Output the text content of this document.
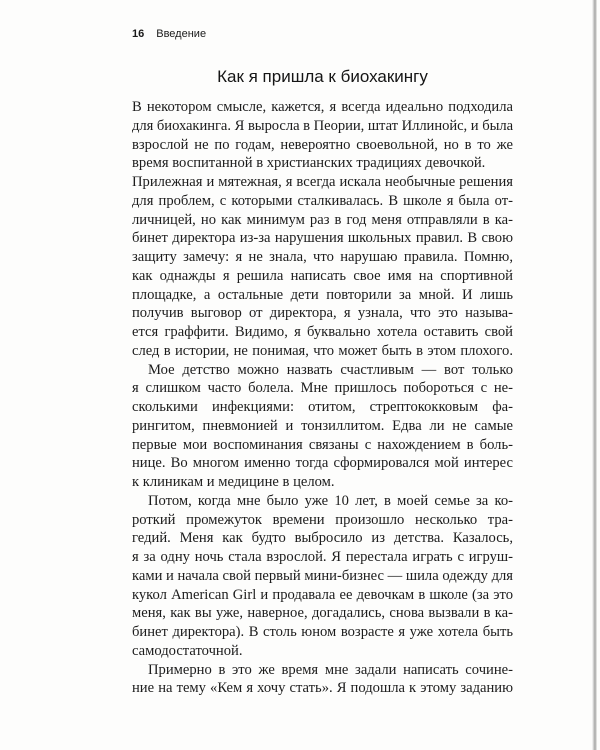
16 Введение
Как я пришла к биохакингу
В некотором смысле, кажется, я всегда идеально подходила
для биохакинга. Я выросла в Пеории, штат Иллинойс, и была
взрослой не по годам, невероятно своевольной, но в то же
время воспитанной в христианских традициях девочкой.
Прилежная и мятежная, я всегда искала необычные решения
для проблем, с которыми сталкивалась. В школе я была от-
личницей, но как минимум раз в год меня отправляли в ка-
бинет директора из-за нарушения школьных правил. В свою
защиту замечу: я не знала, что нарушаю правила. Помню,
как однажды я решила написать свое имя на спортивной
площадке, а остальные дети повторили за мной. И лишь
получив выговор от директора, я узнала, что это называ-
ется граффити. Видимо, я буквально хотела оставить свой
след в истории, не понимая, что может быть в этом плохого.
Мое детство можно назвать счастливым — вот только
я слишком часто болела. Мне пришлось побороться с не-
сколькими инфекциями: отитом, стрептококковым фа-
рингитом, пневмонией и тонзиллитом. Едва ли не самые
первые мои воспоминания связаны с нахождением в боль-
нице. Во многом именно тогда сформировался мой интерес
к клиникам и медицине в целом.
Потом, когда мне было уже 10 лет, в моей семье за ко-
роткий промежуток времени произошло несколько тра-
гедий. Меня как будто выбросило из детства. Казалось,
я за одну ночь стала взрослой. Я перестала играть с игруш-
ками и начала свой первый мини-бизнес — шила одежду для
кукол American Girl и продавала ее девочкам в школе (за это
меня, как вы уже, наверное, догадались, снова вызвали в ка-
бинет директора). В столь юном возрасте я уже хотела быть
самодостаточной.
Примерно в это же время мне задали написать сочине-
ние на тему «Кем я хочу стать». Я подошла к этому заданию
